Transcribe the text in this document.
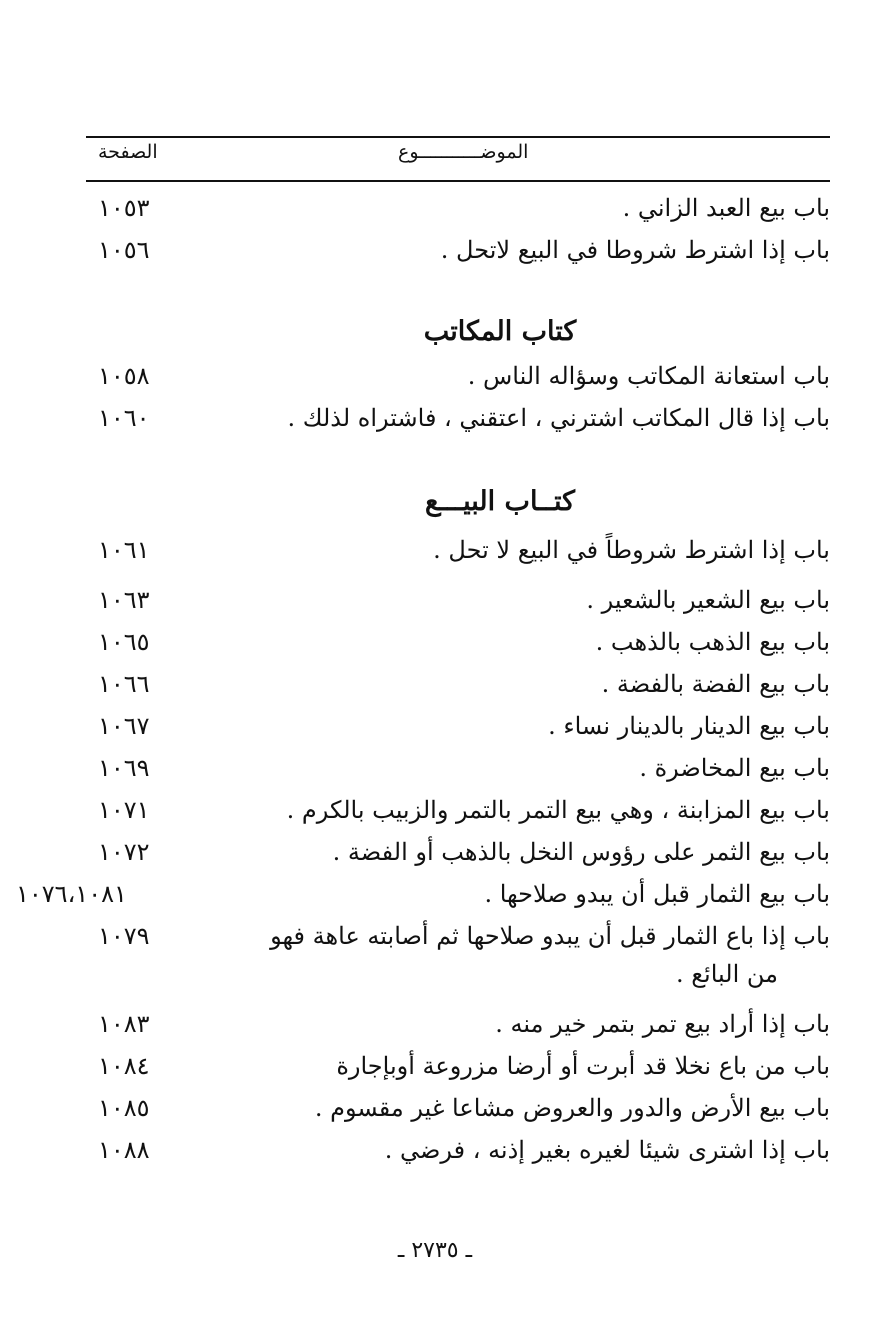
الصفحة	الموضـــــــــــوع
باب بيع العبد الزاني .
١٠٥٣
باب إذا اشترط شروطا في البيع لاتحل .
١٠٥٦
كتاب المكاتب
باب استعانة المكاتب وسؤاله الناس .
١٠٥٨
باب إذا قال المكاتب اشترني ، اعتقني ، فاشتراه لذلك .
١٠٦٠
كتــاب البيـــع
باب إذا اشترط شروطاً في البيع لا تحل .
١٠٦١
باب بيع الشعير بالشعير .
١٠٦٣
باب بيع الذهب بالذهب .
١٠٦٥
باب بيع الفضة بالفضة .
١٠٦٦
باب بيع الدينار بالدينار نساء .
١٠٦٧
باب بيع المخاضرة .
١٠٦٩
باب بيع المزابنة ، وهي بيع التمر بالتمر والزبيب بالكرم .
١٠٧١
باب بيع الثمر على رؤوس النخل بالذهب أو الفضة .
١٠٧٢
باب بيع الثمار قبل أن يبدو صلاحها .
١٠٧٦،١٠٨١
باب إذا باع الثمار قبل أن يبدو صلاحها ثم أصابته عاهة فهو
١٠٧٩
من البائع .
باب إذا أراد بيع تمر بتمر خير منه .
١٠٨٣
باب من باع نخلا قد أبرت أو أرضا مزروعة أوبإجارة
١٠٨٤
باب بيع الأرض والدور والعروض مشاعا غير مقسوم .
١٠٨٥
باب إذا اشترى شيئا لغيره بغير إذنه ، فرضي .
١٠٨٨
ـ ٢٧٣٥ ـ
